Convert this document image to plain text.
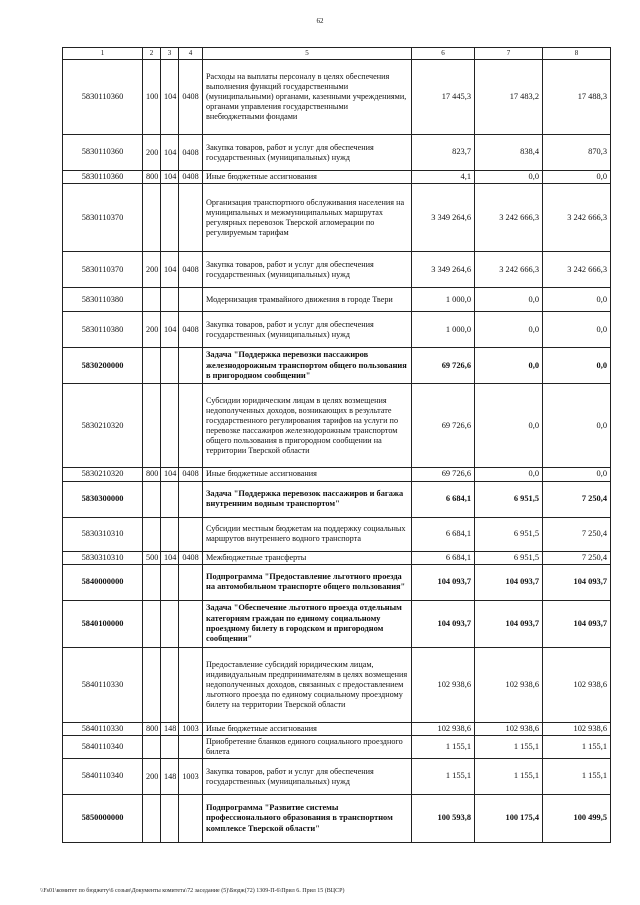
62
1	2	3	4	5	6	7	8
5830110360	100	104	0408	Расходы на выплаты персоналу в целях обеспечения выполнения функций государственными (муниципальными) органами, казенными учреждениями, органами управления государственными внебюджетными фондами	17 445,3	17 483,2	17 488,3
5830110360	200	104	0408	Закупка товаров, работ и услуг для обеспечения государственных (муниципальных) нужд	823,7	838,4	870,3
5830110360	800	104	0408	Иные бюджетные ассигнования	4,1	0,0	0,0
5830110370				Организация транспортного обслуживания населения на муниципальных и межмуниципальных маршрутах регулярных перевозок Тверской агломерации по регулируемым тарифам	3 349 264,6	3 242 666,3	3 242 666,3
5830110370	200	104	0408	Закупка товаров, работ и услуг для обеспечения государственных (муниципальных) нужд	3 349 264,6	3 242 666,3	3 242 666,3
5830110380				Модернизация трамвайного движения в городе Твери	1 000,0	0,0	0,0
5830110380	200	104	0408	Закупка товаров, работ и услуг для обеспечения государственных (муниципальных) нужд	1 000,0	0,0	0,0
5830200000				Задача "Поддержка перевозки пассажиров железнодорожным транспортом общего пользования в пригородном сообщении"	69 726,6	0,0	0,0
5830210320				Субсидии юридическим лицам в целях возмещения недополученных доходов, возникающих в результате государственного регулирования тарифов на услуги по перевозке пассажиров железнодорожным транспортом общего пользования в пригородном сообщении на территории Тверской области	69 726,6	0,0	0,0
5830210320	800	104	0408	Иные бюджетные ассигнования	69 726,6	0,0	0,0
5830300000				Задача "Поддержка перевозок пассажиров и багажа внутренним водным транспортом"	6 684,1	6 951,5	7 250,4
5830310310				Субсидии местным бюджетам на поддержку социальных маршрутов внутреннего водного транспорта	6 684,1	6 951,5	7 250,4
5830310310	500	104	0408	Межбюджетные трансферты	6 684,1	6 951,5	7 250,4
5840000000				Подпрограмма "Предоставление льготного проезда на автомобильном транспорте общего пользования"	104 093,7	104 093,7	104 093,7
5840100000				Задача "Обеспечение льготного проезда отдельным категориям граждан по единому социальному проездному билету в городском и пригородном сообщении"	104 093,7	104 093,7	104 093,7
5840110330				Предоставление субсидий юридическим лицам, индивидуальным предпринимателям в целях возмещения недополученных доходов, связанных с предоставлением льготного проезда по единому социальному проездному билету на территории Тверской области	102 938,6	102 938,6	102 938,6
5840110330	800	148	1003	Иные бюджетные ассигнования	102 938,6	102 938,6	102 938,6
5840110340				Приобретение бланков единого социального проездного билета	1 155,1	1 155,1	1 155,1
5840110340	200	148	1003	Закупка товаров, работ и услуг для обеспечения государственных (муниципальных) нужд	1 155,1	1 155,1	1 155,1
5850000000				Подпрограмма "Развитие системы профессионального образования в транспортном комплексе Тверской области"	100 593,8	100 175,4	100 499,5
\\Fs01\комитет по бюджету\6 созыв\Документы комитета\72 заседание (5)\Бюдж(72) 1309-П-6\Прил 6. Прил 15 (ВЦСР)
